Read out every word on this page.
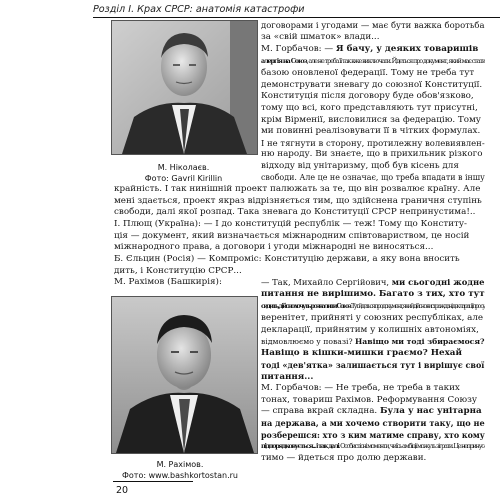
Розділ I. Крах СРСР: анатомія катастрофи
М. Ніколаєв.
Фото: Gavril Kirillin
М. Рахімов.
Фото: www.bashkortostan.ru
договорами і угодами — має бути важка боротьба
за «свій шматок» влади...
М. Горбачов: — Я бачу, у деяких товаришів
алергія на Союз, але не треба її так вже виключати. Йдеться про документ, який має стати
базою оновленої федерації. Тому не треба тут
демонструвати зневагу до союзної Конституції.
Конституція після договору буде обов'язково,
тому що всі, кого представляють тут присутні,
крім Вірменії, висловилися за федерацію. Тому
ми повинні реалізовувати її в чітких формулах.
І не тягнути в сторону, протилежну волевиявлен-
ню народу. Ви знаєте, що в прихильник різкого
відходу від унітаризму, щоб був кісень для
свободи. Але це не означає, що треба впадати в іншу
крайність. І так нинішній проект палюжать за те, що він розвалює країну. Але
мені здається, проект якраз відрізняється тим, що здійснена граничня ступінь
свободи, далі якої розпад. Така зневага до Конституції СРСР непринустима!..
І. Плющ (Україна): — І до конституцій республік — теж! Тому що Конститу-
ція — документ, який визначається міжнародним співтовариством, це носій
міжнародного права, а договори і угоди міжнародні не виносяться...
Б. Єльцин (Росія) — Компроміс: Конституцію держави, а яку вона вносить
дить, і Конституцію СРСР...
М. Рахімов (Башкирія):	— Так, Михайло Сергійович, ми сьогодні жодне
питання не вирішимо. Багато з тих, хто тут
сидить, дійсно хочуть розвалити Союз. Тут йдеться про документ, який дійсно вистраждані декларації про су-
веренітет, прийняті у союзних республіках, але
декларації, прийнятим у колишніх автономіях,
відмовлюємо у повазі? Навіщо ми тоді збираємося?
Навіщо в кішки-мишки граємо? Нехай
тоді «дев'ятка» залишається тут і вирішує свої
питання...
М. Горбачов: — Не треба, не треба в таких
тонах, товариш Рахімов. Реформування Союзу
— справа вкрай складна. Була у нас унітарна
на держава, а ми хочемо створити таку, що не
розберешся: хто з ким матиме справу, хто кому
підпорядковується... і так далі. Особистісні моменти, чиїсь амбіції можуть зіграти. Це непринус-
тимо — йдеться про долю держави.
20
